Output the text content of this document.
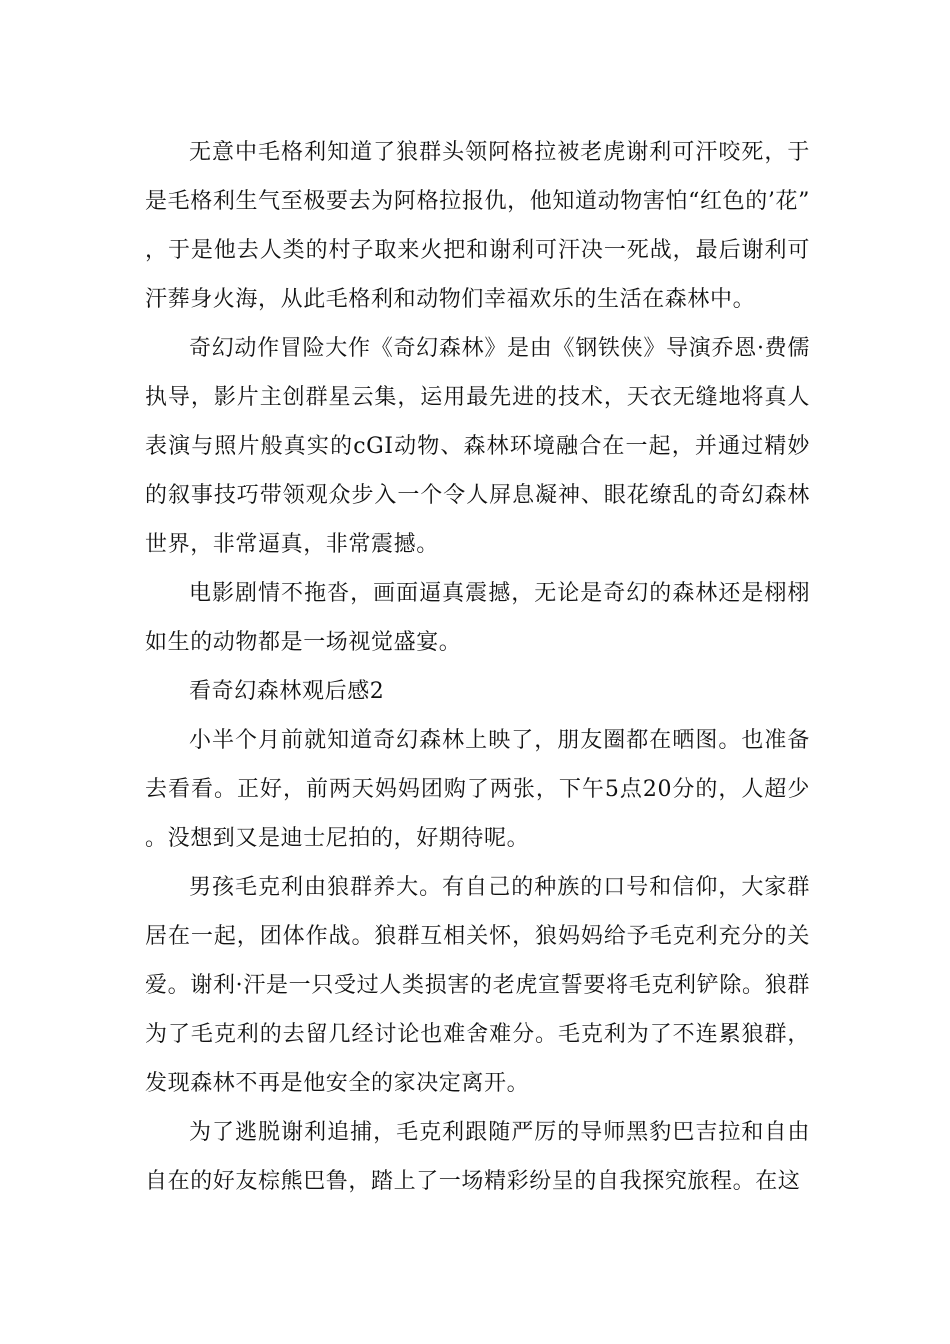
无意中毛格利知道了狼群头领阿格拉被老虎谢利可汗咬死，于是毛格利生气至极要去为阿格拉报仇，他知道动物害怕“红色的’花”，于是他去人类的村子取来火把和谢利可汗决一死战，最后谢利可汗葬身火海，从此毛格利和动物们幸福欢乐的生活在森林中。

奇幻动作冒险大作《奇幻森林》是由《钢铁侠》导演乔恩·费儒执导，影片主创群星云集，运用最先进的技术，天衣无缝地将真人表演与照片般真实的cGI动物、森林环境融合在一起，并通过精妙的叙事技巧带领观众步入一个令人屏息凝神、眼花缭乱的奇幻森林世界，非常逼真，非常震撼。

电影剧情不拖沓，画面逼真震撼，无论是奇幻的森林还是栩栩如生的动物都是一场视觉盛宴。

看奇幻森林观后感2

小半个月前就知道奇幻森林上映了，朋友圈都在晒图。也准备去看看。正好，前两天妈妈团购了两张，下午5点20分的，人超少。没想到又是迪士尼拍的，好期待呢。

男孩毛克利由狼群养大。有自己的种族的口号和信仰，大家群居在一起，团体作战。狼群互相关怀，狼妈妈给予毛克利充分的关爱。谢利·汗是一只受过人类损害的老虎宣誓要将毛克利铲除。狼群为了毛克利的去留几经讨论也难舍难分。毛克利为了不连累狼群，发现森林不再是他安全的家决定离开。

为了逃脱谢利追捕，毛克利跟随严厉的导师黑豹巴吉拉和自由自在的好友棕熊巴鲁，踏上了一场精彩纷呈的自我探究旅程。在这
